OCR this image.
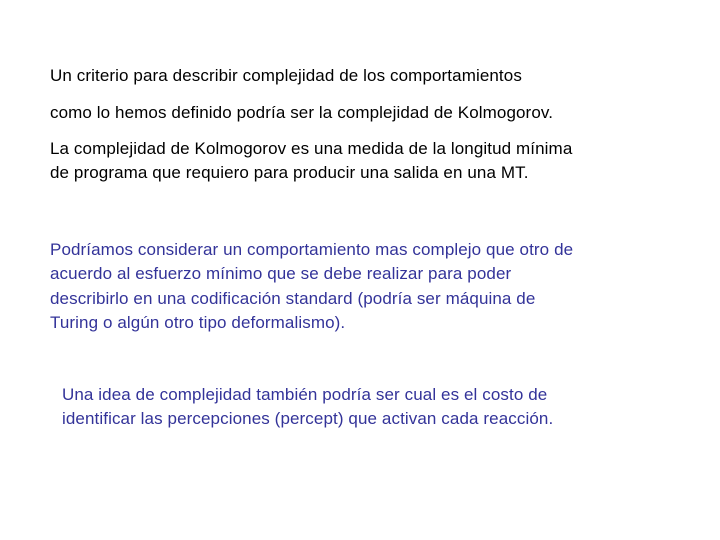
Un criterio para describir complejidad de los comportamientos
como lo hemos definido podría ser la complejidad de Kolmogorov.
La complejidad de Kolmogorov es una medida de la longitud mínima
de programa que requiero para producir una salida en una MT.
Podríamos considerar un comportamiento mas complejo que otro de
acuerdo al esfuerzo mínimo que se debe realizar para poder
describirlo en una codificación standard (podría ser máquina de
Turing o algún otro tipo deformalismo).
Una idea de complejidad también podría ser cual es el costo de
identificar las percepciones (percept) que activan cada reacción.
